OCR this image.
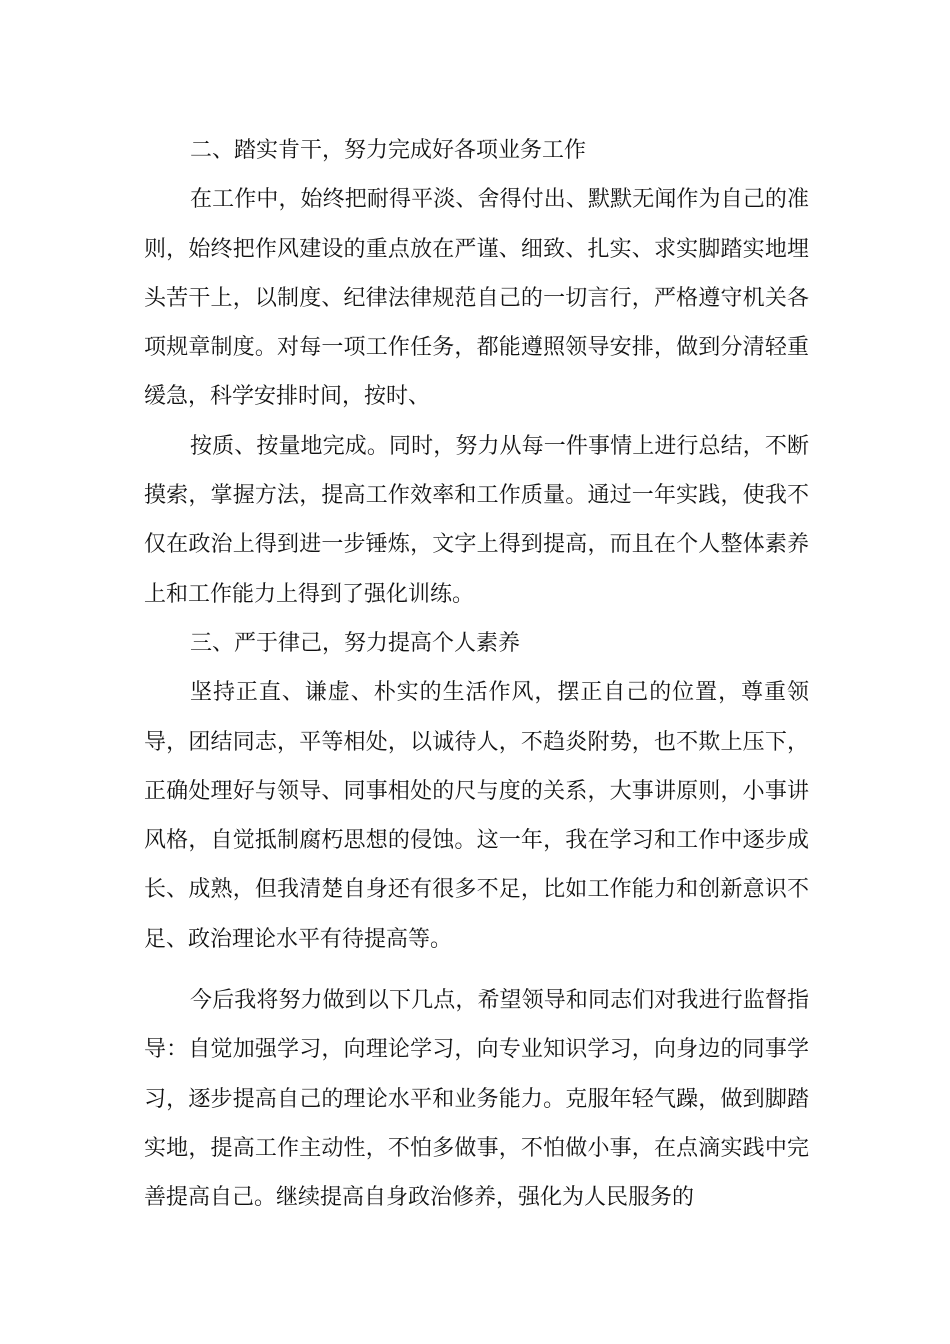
二、踏实肯干，努力完成好各项业务工作

在工作中，始终把耐得平淡、舍得付出、默默无闻作为自己的准则，始终把作风建设的重点放在严谨、细致、扎实、求实脚踏实地埋头苦干上，以制度、纪律法律规范自己的一切言行，严格遵守机关各项规章制度。对每一项工作任务，都能遵照领导安排，做到分清轻重缓急，科学安排时间，按时、

按质、按量地完成。同时，努力从每一件事情上进行总结，不断摸索，掌握方法，提高工作效率和工作质量。通过一年实践，使我不仅在政治上得到进一步锤炼，文字上得到提高，而且在个人整体素养上和工作能力上得到了强化训练。

三、严于律己，努力提高个人素养

坚持正直、谦虚、朴实的生活作风，摆正自己的位置，尊重领导，团结同志，平等相处，以诚待人，不趋炎附势，也不欺上压下，正确处理好与领导、同事相处的尺与度的关系，大事讲原则，小事讲风格，自觉抵制腐朽思想的侵蚀。这一年，我在学习和工作中逐步成长、成熟，但我清楚自身还有很多不足，比如工作能力和创新意识不足、政治理论水平有待提高等。

今后我将努力做到以下几点，希望领导和同志们对我进行监督指导：自觉加强学习，向理论学习，向专业知识学习，向身边的同事学习，逐步提高自己的理论水平和业务能力。克服年轻气躁，做到脚踏实地，提高工作主动性，不怕多做事，不怕做小事，在点滴实践中完善提高自己。继续提高自身政治修养，强化为人民服务的
